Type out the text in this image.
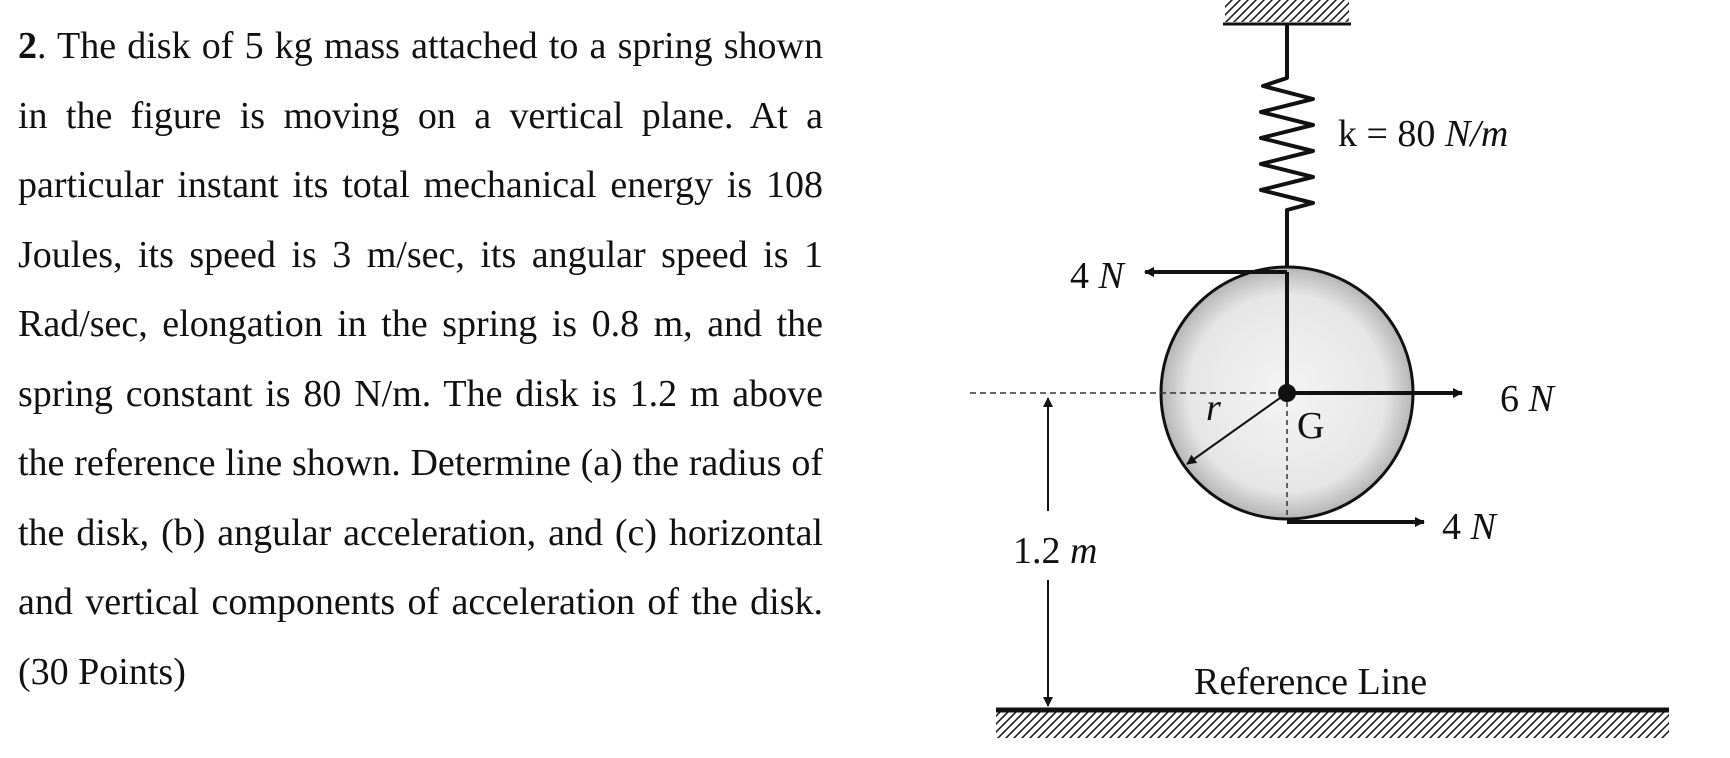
2. The disk of 5 kg mass attached to a spring shown in the figure is moving on a vertical plane. At a particular instant its total mechanical energy is 108 Joules, its speed is 3 m/sec, its angular speed is 1 Rad/sec, elongation in the spring is 0.8 m, and the spring constant is 80 N/m. The disk is 1.2 m above the reference line shown. Determine (a) the radius of the disk, (b) angular acceleration, and (c) horizontal and vertical components of acceleration of the disk. (30 Points)
k = 80 N/m
r G
4 N
6 N
4 N
1.2 m
Reference Line
